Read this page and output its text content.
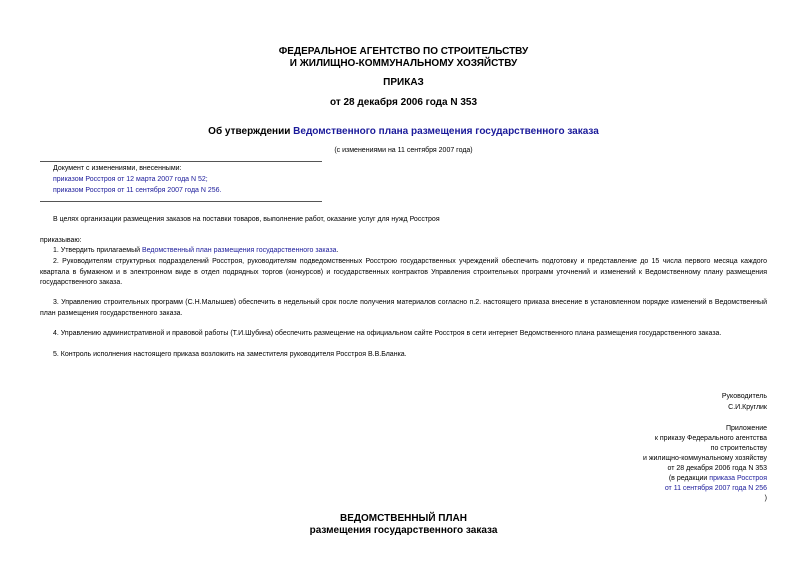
ФЕДЕРАЛЬНОЕ АГЕНТСТВО ПО СТРОИТЕЛЬСТВУ
И ЖИЛИЩНО-КОММУНАЛЬНОМУ ХОЗЯЙСТВУ
ПРИКАЗ
от 28 декабря 2006 года N 353
Об утверждении Ведомственного плана размещения государственного заказа
(с изменениями на 11 сентября 2007 года)
Документ с изменениями, внесенными:
приказом Росстроя от 12 марта 2007 года N 52;
приказом Росстроя от 11 сентября 2007 года N 256.
В целях организации размещения заказов на поставки товаров, выполнение работ, оказание услуг для нужд Росстроя
приказываю:
1. Утвердить прилагаемый Ведомственный план размещения государственного заказа.
2. Руководителям структурных подразделений Росстроя, руководителям подведомственных Росстрою государственных учреждений обеспечить подготовку и представление до 15 числа первого месяца каждого квартала в бумажном и в электронном виде в отдел подрядных торгов (конкурсов) и государственных контрактов Управления строительных программ уточнений и изменений к Ведомственному плану размещения государственного заказа.
3. Управлению строительных программ (С.Н.Малышев) обеспечить в недельный срок после получения материалов согласно п.2. настоящего приказа внесение в установленном порядке изменений в Ведомственный план размещения государственного заказа.
4. Управлению административной и правовой работы (Т.И.Шубина) обеспечить размещение на официальном сайте Росстроя в сети интернет Ведомственного плана размещения государственного заказа.
5. Контроль исполнения настоящего приказа возложить на заместителя руководителя Росстроя В.В.Бланка.
Руководитель
С.И.Круглик
Приложение
к приказу Федерального агентства
по строительству
и жилищно-коммунальному хозяйству
от 28 декабря 2006 года N 353
(в редакции приказа Росстроя
от 11 сентября 2007 года N 256
)
ВЕДОМСТВЕННЫЙ ПЛАН
размещения государственного заказа
